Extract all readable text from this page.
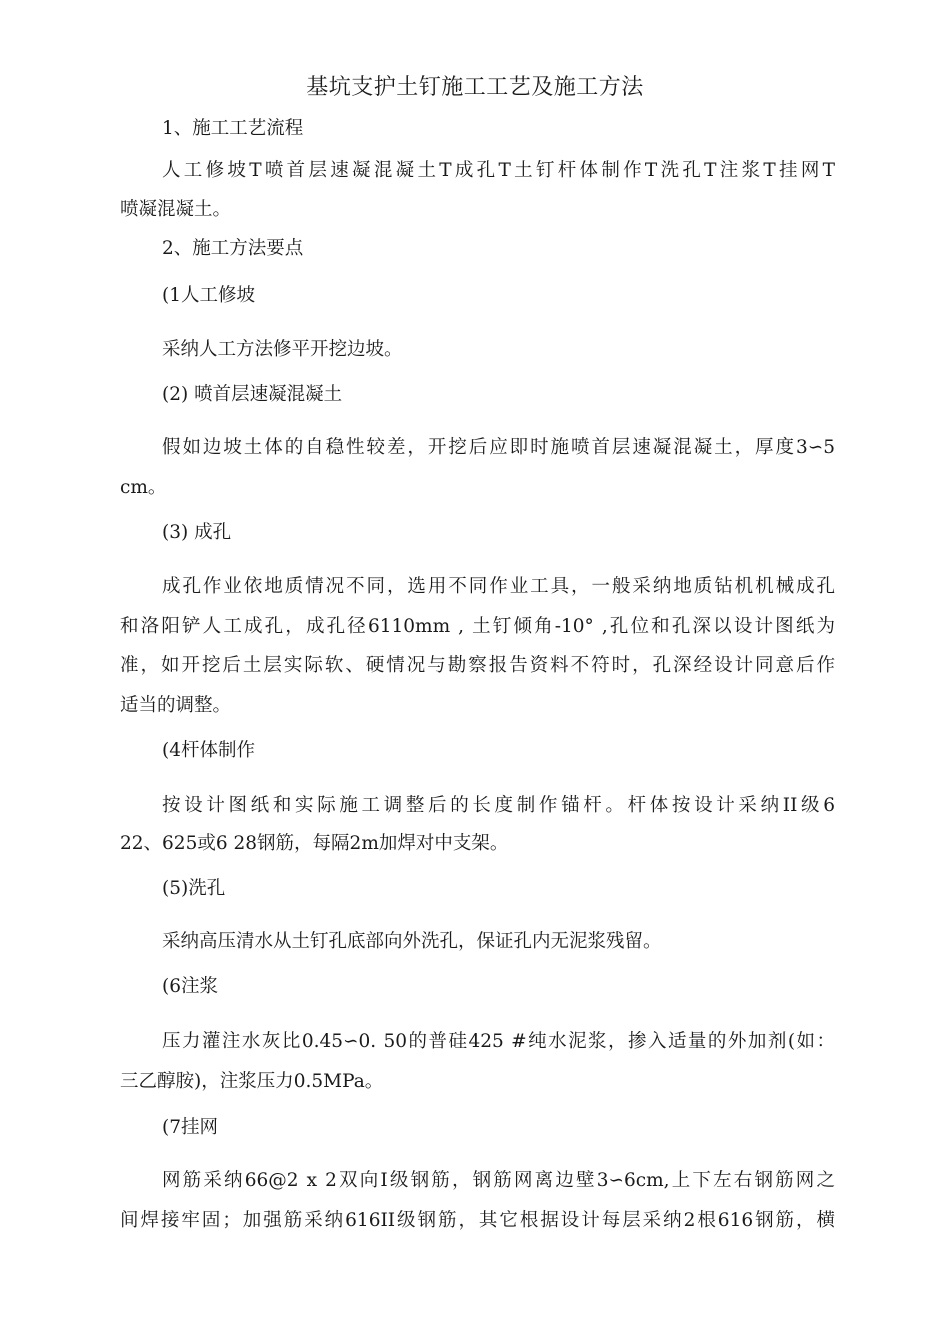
基坑支护土钉施工工艺及施工方法
1、施工工艺流程
人工修坡T喷首层速凝混凝土T成孔T土钉杆体制作T洗孔T注浆T挂网T
喷凝混凝土。
2、施工方法要点
(1人工修坡
采纳人工方法修平开挖边坡。
(2) 喷首层速凝混凝土
假如边坡土体的自稳性较差，开挖后应即时施喷首层速凝混凝土，厚度3∽5
cm。
(3) 成孔
成孔作业依地质情况不同，选用不同作业工具，一般采纳地质钻机机械成孔
和洛阳铲人工成孔，成孔径6110mm , 土钉倾角-10° ,孔位和孔深以设计图纸为
准，如开挖后土层实际软、硬情况与勘察报告资料不符时，孔深经设计同意后作
适当的调整。
(4杆体制作
按设计图纸和实际施工调整后的长度制作锚杆。杆体按设计采纳II级6
22、625或6 28钢筋，每隔2m加焊对中支架。
(5)洗孔
采纳高压清水从土钉孔底部向外洗孔，保证孔内无泥浆残留。
(6注浆
压力灌注水灰比0.45∽0. 50的普硅425 #纯水泥浆，掺入适量的外加剂(如：
三乙醇胺)，注浆压力0.5MPa。
(7挂网
网筋采纳66@2 x 2双向I级钢筋，钢筋网离边壁3∽6cm,上下左右钢筋网之
间焊接牢固；加强筋采纳616II级钢筋，其它根据设计每层采纳2根616钢筋，横
